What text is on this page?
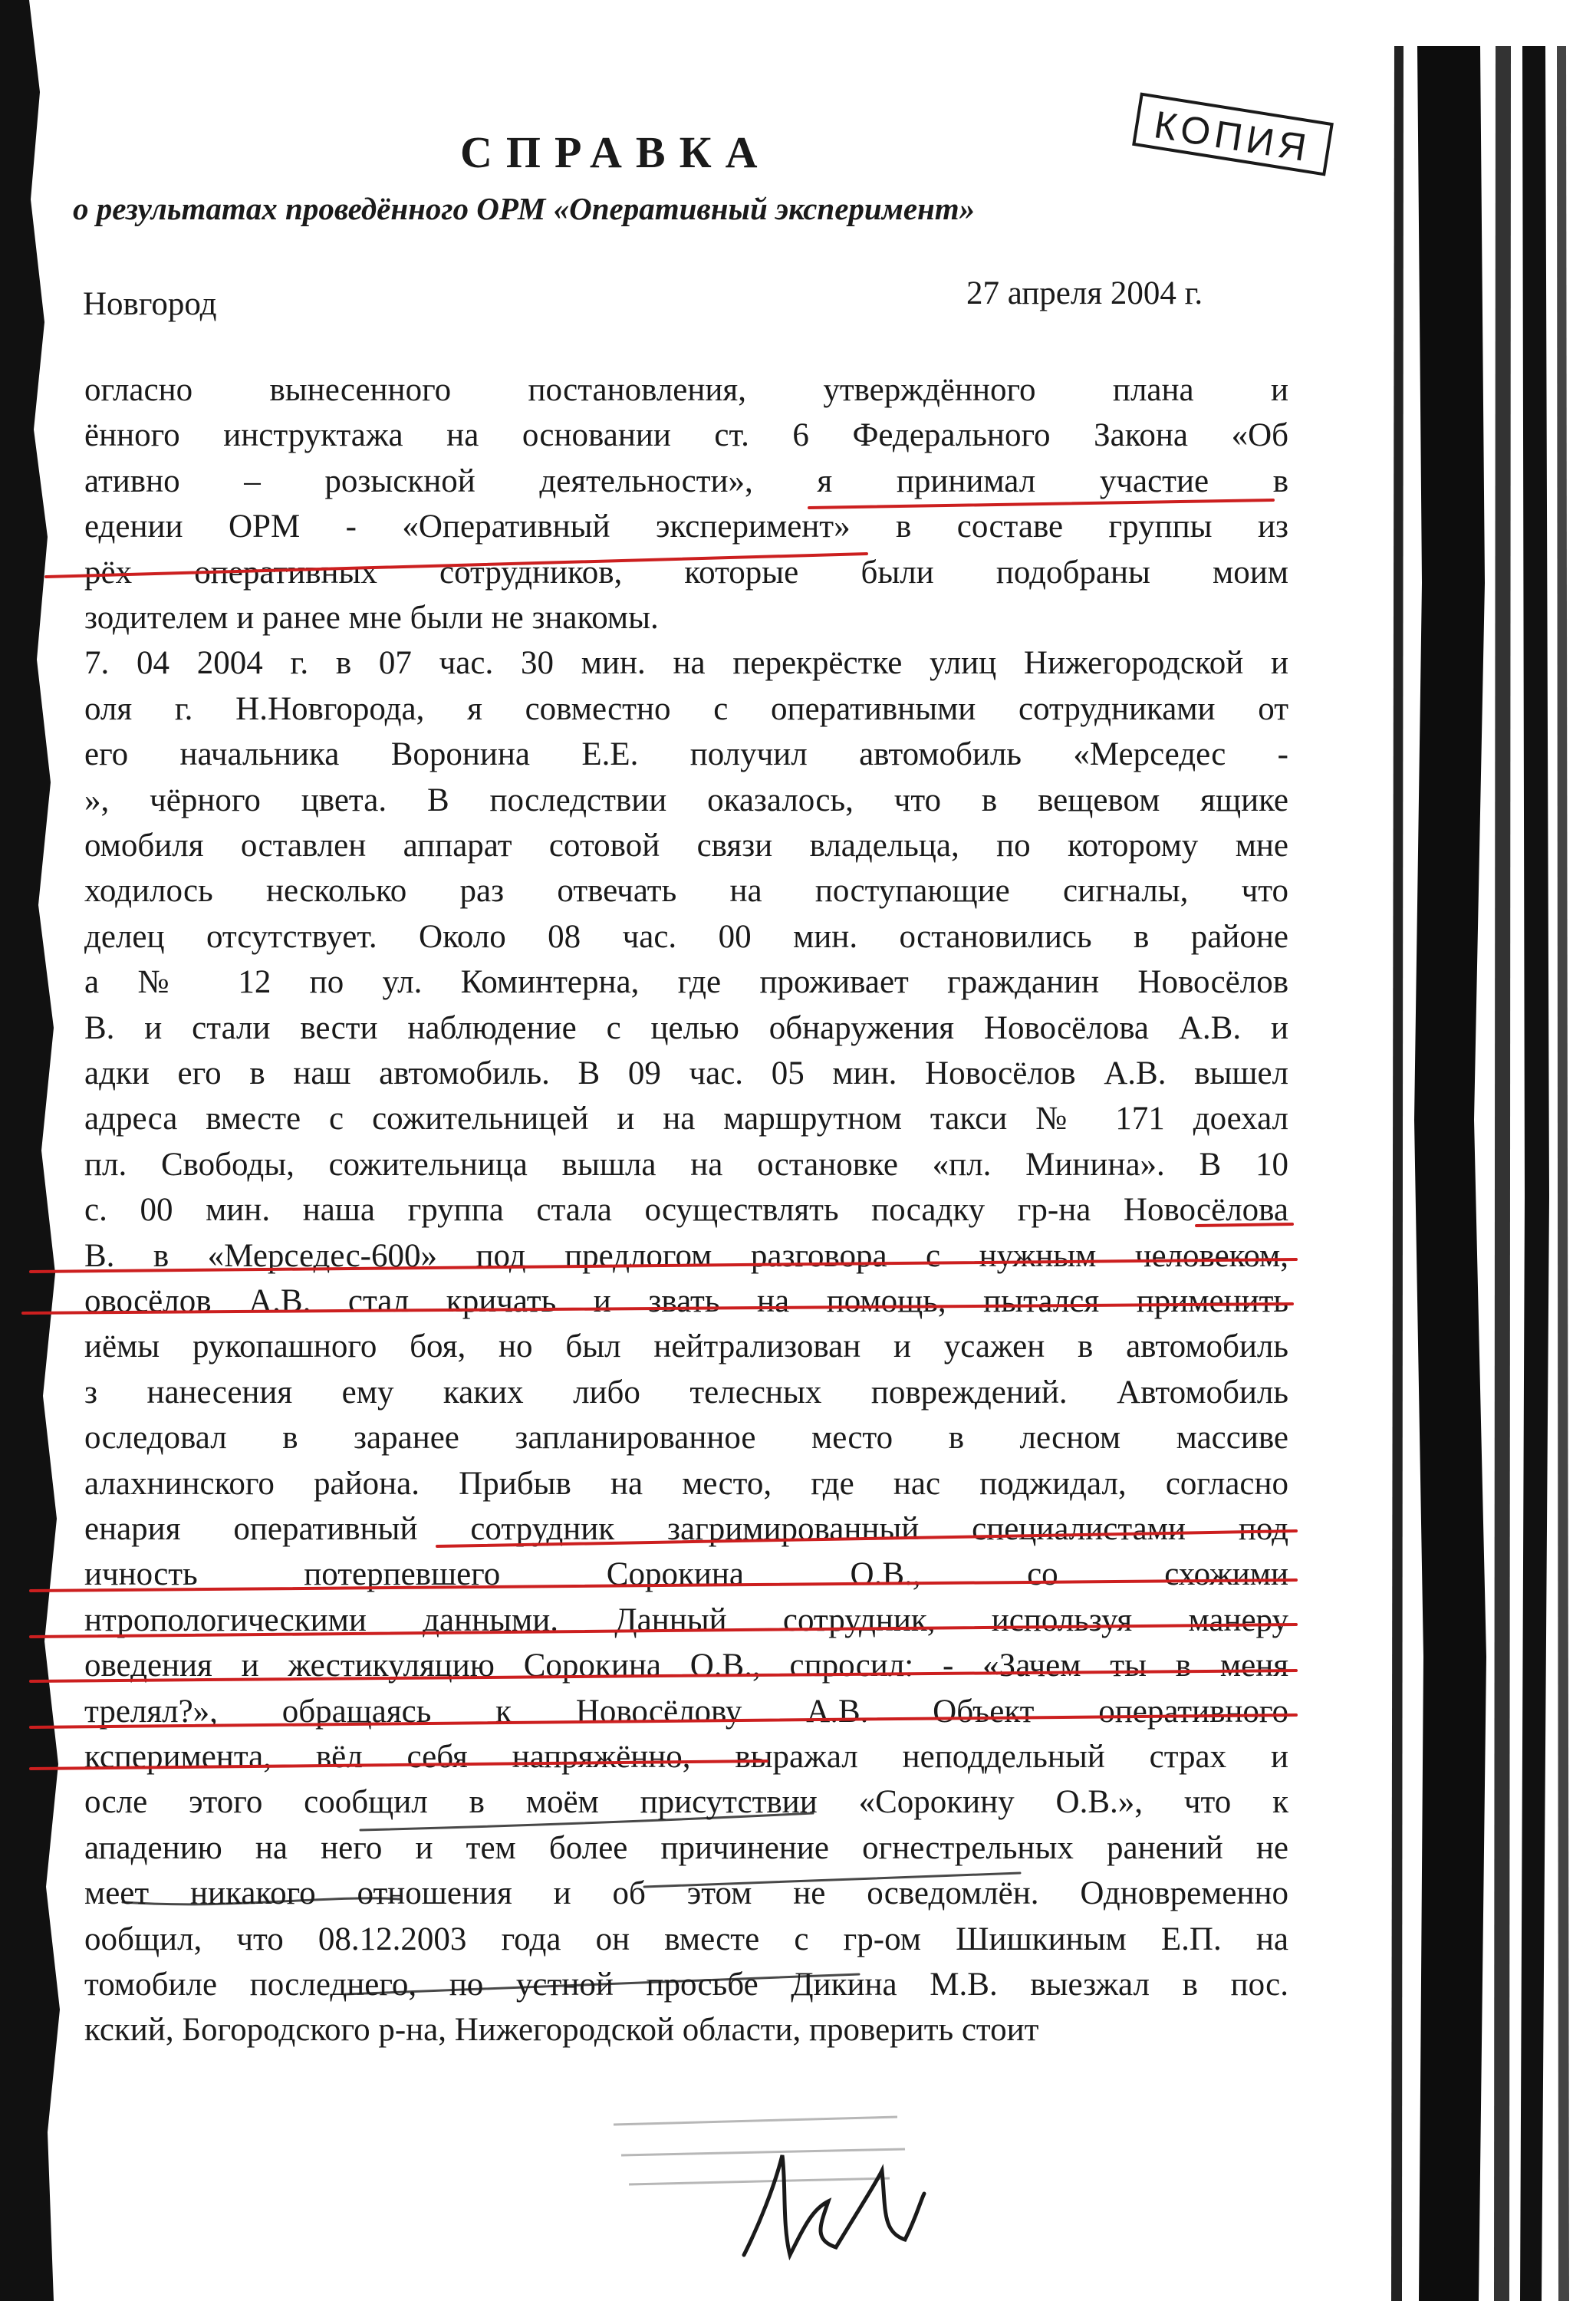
СПРАВКА

о результатах проведённого ОРМ «Оперативный эксперимент»

КОПИЯ

Новгород	27 апреля 2004 г.

огласно вынесенного постановления, утверждённого плана и

ённого инструктажа на основании ст. 6 Федерального Закона «Об

ативно – розыскной деятельности», я принимал участие в

едении ОРМ - «Оперативный эксперимент» в составе группы из

рёх оперативных сотрудников, которые были подобраны моим

зодителем и ранее мне были не знакомы.

7. 04 2004 г. в 07 час. 30 мин. на перекрёстке улиц Нижегородской и

оля г. Н.Новгорода, я совместно с оперативными сотрудниками от

его начальника Воронина Е.Е. получил автомобиль «Мерседес -

», чёрного цвета. В последствии оказалось, что в вещевом ящике

омобиля оставлен аппарат сотовой связи владельца, по которому мне

ходилось несколько раз отвечать на поступающие сигналы, что

делец отсутствует. Около 08 час. 00 мин. остановились в районе

а № 12 по ул. Коминтерна, где проживает гражданин Новосёлов

В. и стали вести наблюдение с целью обнаружения Новосёлова А.В. и

адки его в наш автомобиль. В 09 час. 05 мин. Новосёлов А.В. вышел

адреса вместе с сожительницей и на маршрутном такси № 171 доехал

пл. Свободы, сожительница вышла на остановке «пл. Минина». В 10

с. 00 мин. наша группа стала осуществлять посадку гр-на Новосёлова

В. в «Мерседес-600» под предлогом разговора с нужным человеком,

овосёлов А.В. стал кричать и звать на помощь, пытался применить

иёмы рукопашного боя, но был нейтрализован и усажен в автомобиль

з нанесения ему каких либо телесных повреждений. Автомобиль

оследовал в заранее запланированное место в лесном массиве

алахнинского района. Прибыв на место, где нас поджидал, согласно

енария оперативный сотрудник загримированный специалистами под

ичность потерпевшего Сорокина О.В., со схожими

нтропологическими данными. Данный сотрудник, используя манеру

оведения и жестикуляцию Сорокина О.В., спросил: - «Зачем ты в меня

трелял?», обращаясь к Новосёлову А.В. Объект оперативного

ксперимента, вёл себя напряжённо, выражал неподдельный страх и

осле этого сообщил в моём присутствии «Сорокину О.В.», что к

ападению на него и тем более причинение огнестрельных ранений не

меет никакого отношения и об этом не осведомлён. Одновременно

ообщил, что 08.12.2003 года он вместе с гр-ом Шишкиным Е.П. на

томобиле последнего, по устной просьбе Дикина М.В. выезжал в пос.

кский, Богородского р-на, Нижегородской области, проверить стоит
